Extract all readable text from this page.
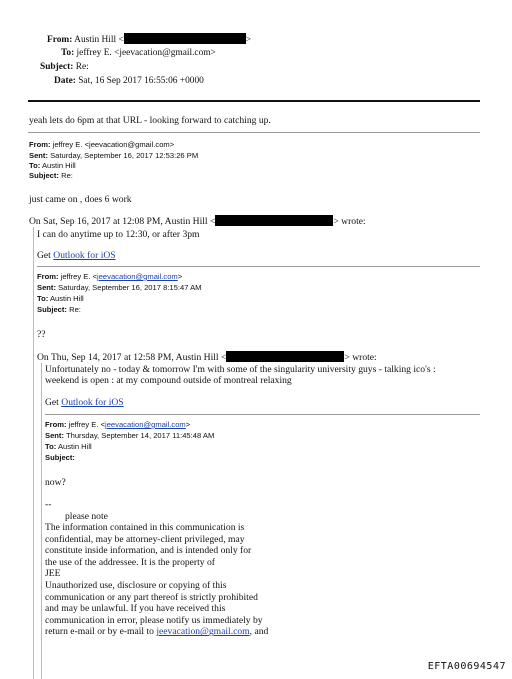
From: Austin Hill <	>
To: jeffrey E. <jeevacation@gmail.com>
Subject: Re:
Date: Sat, 16 Sep 2017 16:55:06 +0000
yeah lets do 6pm at that URL - looking forward to catching up.
From: jeffrey E. <jeevacation@gmail.com>
Sent: Saturday, September 16, 2017 12:53:26 PM
To: Austin Hill
Subject: Re:
just came on , does 6 work
On Sat, Sep 16, 2017 at 12:08 PM, Austin Hill <	> wrote:
I can do anytime up to 12:30, or after 3pm
Get Outlook for iOS
From: jeffrey E. <jeevacation@gmail.com>
Sent: Saturday, September 16, 2017 8:15:47 AM
To: Austin Hill
Subject: Re:
??
On Thu, Sep 14, 2017 at 12:58 PM, Austin Hill <	> wrote:
Unfortunately no - today & tomorrow I'm with some of the singularity university guys - talking ico's :
weekend is open : at my compound outside of montreal relaxing
Get Outlook for iOS
From: jeffrey E. <jeevacation@gmail.com>
Sent: Thursday, September 14, 2017 11:45:48 AM
To: Austin Hill
Subject:
now?
--
please note
The information contained in this communication is
confidential, may be attorney-client privileged, may
constitute inside information, and is intended only for
the use of the addressee. It is the property of
JEE
Unauthorized use, disclosure or copying of this
communication or any part thereof is strictly prohibited
and may be unlawful. If you have received this
communication in error, please notify us immediately by
return e-mail or by e-mail to jeevacation@gmail.com, and
EFTA00694547
